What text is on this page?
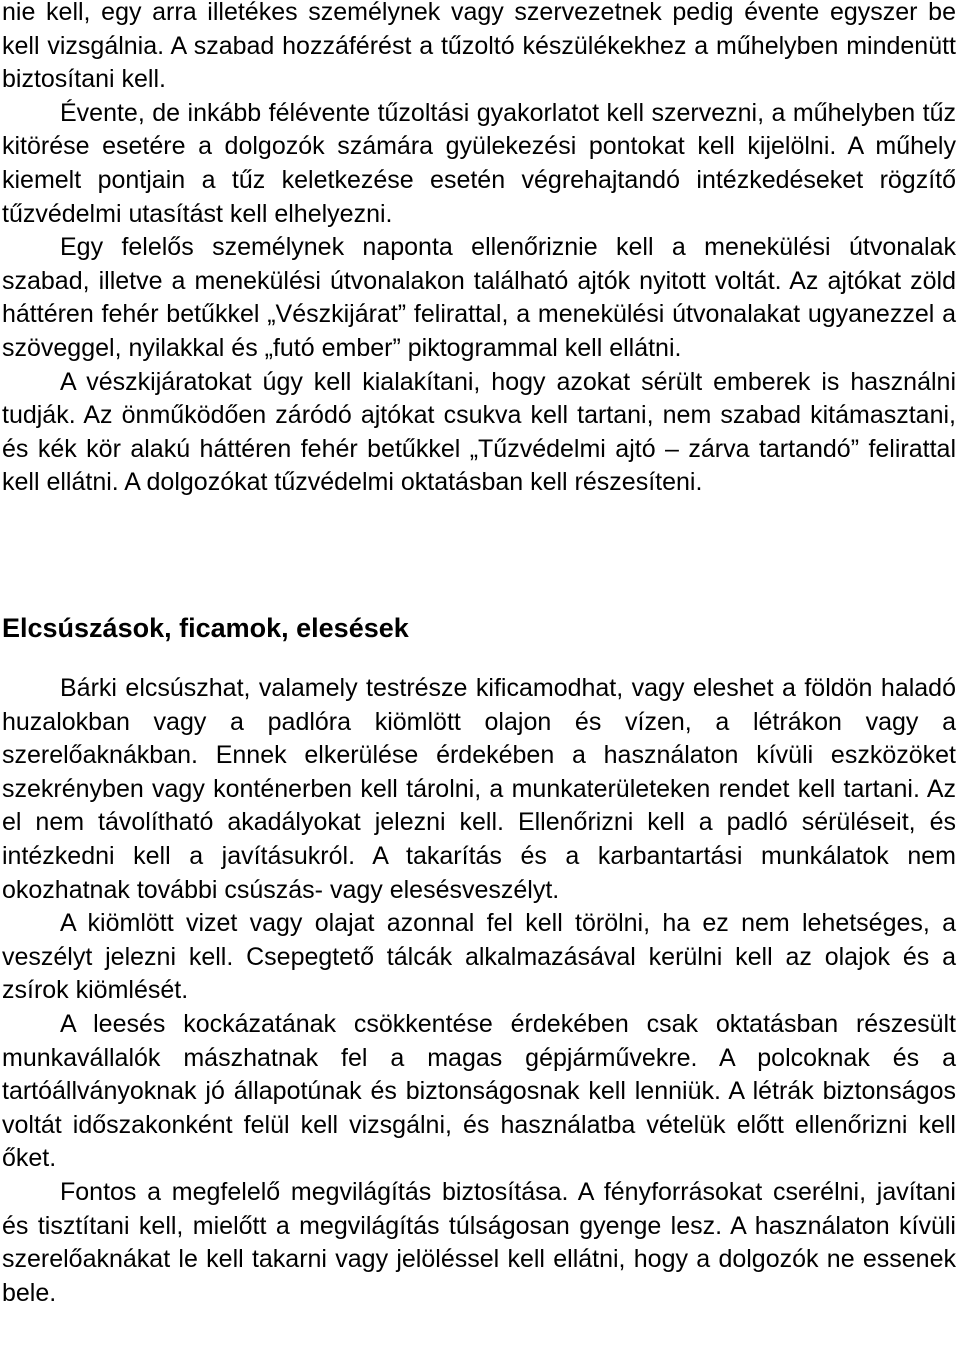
nie kell, egy arra illetékes személynek vagy szervezetnek pedig évente egyszer be kell vizsgálnia. A szabad hozzáférést a tűzoltó készülékekhez a műhelyben mindenütt biztosítani kell.

Évente, de inkább félévente tűzoltási gyakorlatot kell szervezni, a műhelyben tűz kitörése esetére a dolgozók számára gyülekezési pontokat kell kijelölni. A műhely kiemelt pontjain a tűz keletkezése esetén végrehajtandó intézkedéseket rögzítő tűzvédelmi utasítást kell elhelyezni.

Egy felelős személynek naponta ellenőriznie kell a menekülési útvonalak szabad, illetve a menekülési útvonalakon található ajtók nyitott voltát. Az ajtókat zöld háttéren fehér betűkkel „Vészkijárat” felirattal, a menekülési útvonalakat ugyanezzel a szöveggel, nyilakkal és „futó ember” piktogrammal kell ellátni.

A vészkijáratokat úgy kell kialakítani, hogy azokat sérült emberek is használni tudják. Az önműködően záródó ajtókat csukva kell tartani, nem szabad kitámasztani, és kék kör alakú háttéren fehér betűkkel „Tűzvédelmi ajtó – zárva tartandó” felirattal kell ellátni. A dolgozókat tűzvédelmi oktatásban kell részesíteni.

Elcsúszások, ficamok, elesések

Bárki elcsúszhat, valamely testrésze kificamodhat, vagy eleshet a földön haladó huzalokban vagy a padlóra kiömlött olajon és vízen, a létrákon vagy a szerelőaknákban. Ennek elkerülése érdekében a használaton kívüli eszközöket szekrényben vagy konténerben kell tárolni, a munkaterületeken rendet kell tartani. Az el nem távolítható akadályokat jelezni kell. Ellenőrizni kell a padló sérüléseit, és intézkedni kell a javításukról. A takarítás és a karbantartási munkálatok nem okozhatnak további csúszás- vagy elesésveszélyt.

A kiömlött vizet vagy olajat azonnal fel kell törölni, ha ez nem lehetséges, a veszélyt jelezni kell. Csepegtető tálcák alkalmazásával kerülni kell az olajok és a zsírok kiömlését.

A leesés kockázatának csökkentése érdekében csak oktatásban részesült munkavállalók mászhatnak fel a magas gépjárművekre. A polcoknak és a tartóállványoknak jó állapotúnak és biztonságosnak kell lenniük. A létrák biztonságos voltát időszakonként felül kell vizsgálni, és használatba vételük előtt ellenőrizni kell őket.

Fontos a megfelelő megvilágítás biztosítása. A fényforrásokat cserélni, javítani és tisztítani kell, mielőtt a megvilágítás túlságosan gyenge lesz. A használaton kívüli szerelőaknákat le kell takarni vagy jelöléssel kell ellátni, hogy a dolgozók ne essenek bele.
